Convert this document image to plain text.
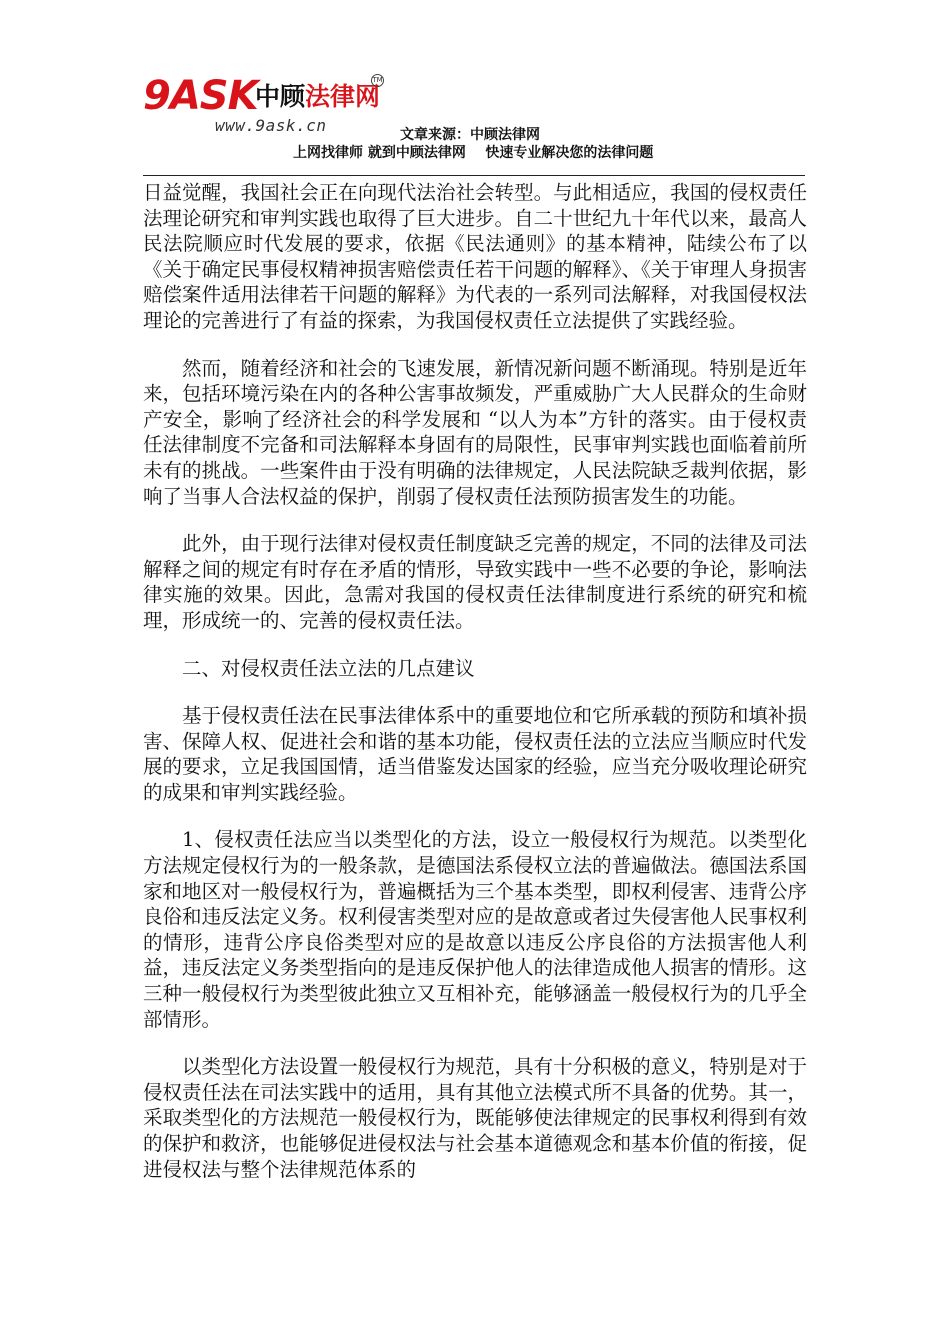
9ASK
中顾法律网
TM
www.9ask.cn	文章来源：中顾法律网
上网找律师 就到中顾法律网    快速专业解决您的法律问题

日益觉醒，我国社会正在向现代法治社会转型。与此相适应，我国的侵权责任法理论研究和审判实践也取得了巨大进步。自二十世纪九十年代以来，最高人民法院顺应时代发展的要求，依据《民法通则》的基本精神，陆续公布了以《关于确定民事侵权精神损害赔偿责任若干问题的解释》、《关于审理人身损害赔偿案件适用法律若干问题的解释》为代表的一系列司法解释，对我国侵权法理论的完善进行了有益的探索，为我国侵权责任立法提供了实践经验。

然而，随着经济和社会的飞速发展，新情况新问题不断涌现。特别是近年来，包括环境污染在内的各种公害事故频发，严重威胁广大人民群众的生命财产安全，影响了经济社会的科学发展和 “以人为本”方针的落实。由于侵权责任法律制度不完备和司法解释本身固有的局限性，民事审判实践也面临着前所未有的挑战。一些案件由于没有明确的法律规定，人民法院缺乏裁判依据，影响了当事人合法权益的保护，削弱了侵权责任法预防损害发生的功能。

此外，由于现行法律对侵权责任制度缺乏完善的规定，不同的法律及司法解释之间的规定有时存在矛盾的情形，导致实践中一些不必要的争论，影响法律实施的效果。因此，急需对我国的侵权责任法律制度进行系统的研究和梳理，形成统一的、完善的侵权责任法。

二、对侵权责任法立法的几点建议

基于侵权责任法在民事法律体系中的重要地位和它所承载的预防和填补损害、保障人权、促进社会和谐的基本功能，侵权责任法的立法应当顺应时代发展的要求，立足我国国情，适当借鉴发达国家的经验，应当充分吸收理论研究的成果和审判实践经验。

1、侵权责任法应当以类型化的方法，设立一般侵权行为规范。以类型化方法规定侵权行为的一般条款，是德国法系侵权立法的普遍做法。德国法系国家和地区对一般侵权行为，普遍概括为三个基本类型，即权利侵害、违背公序良俗和违反法定义务。权利侵害类型对应的是故意或者过失侵害他人民事权利的情形，违背公序良俗类型对应的是故意以违反公序良俗的方法损害他人利益，违反法定义务类型指向的是违反保护他人的法律造成他人损害的情形。这三种一般侵权行为类型彼此独立又互相补充，能够涵盖一般侵权行为的几乎全部情形。

以类型化方法设置一般侵权行为规范，具有十分积极的意义，特别是对于侵权责任法在司法实践中的适用，具有其他立法模式所不具备的优势。其一，采取类型化的方法规范一般侵权行为，既能够使法律规定的民事权利得到有效的保护和救济，也能够促进侵权法与社会基本道德观念和基本价值的衔接，促进侵权法与整个法律规范体系的
